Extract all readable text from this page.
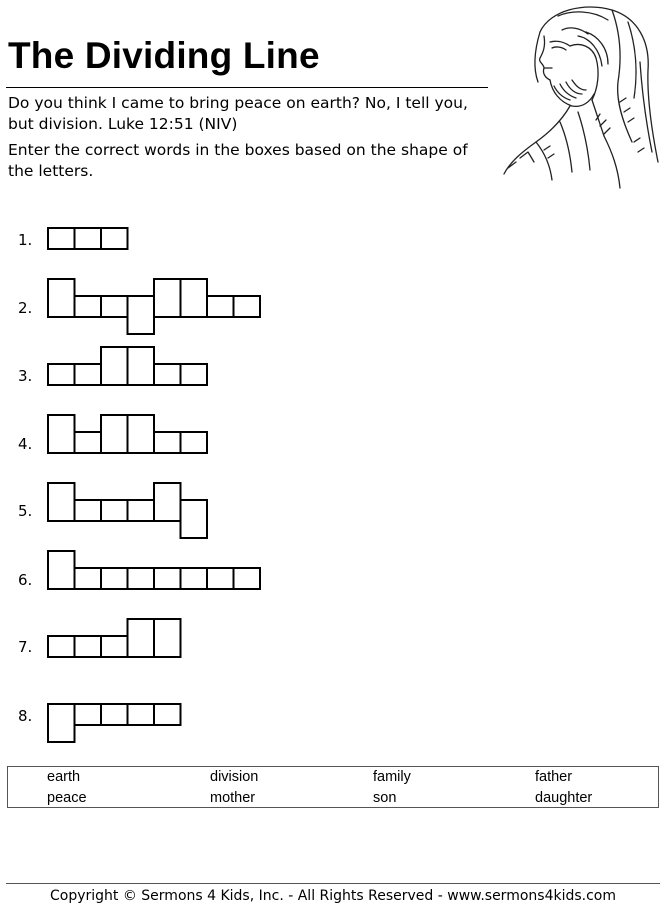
The Dividing Line

Do you think I came to bring peace on earth? No, I tell you, but division. Luke 12:51 (NIV)

Enter the correct words in the boxes based on the shape of the letters.

1.
2.
3.
4.
5.
6.
7.
8.
earth	division	family	father
peace	mother	son	daughter
Copyright © Sermons 4 Kids, Inc. - All Rights Reserved - www.sermons4kids.com
